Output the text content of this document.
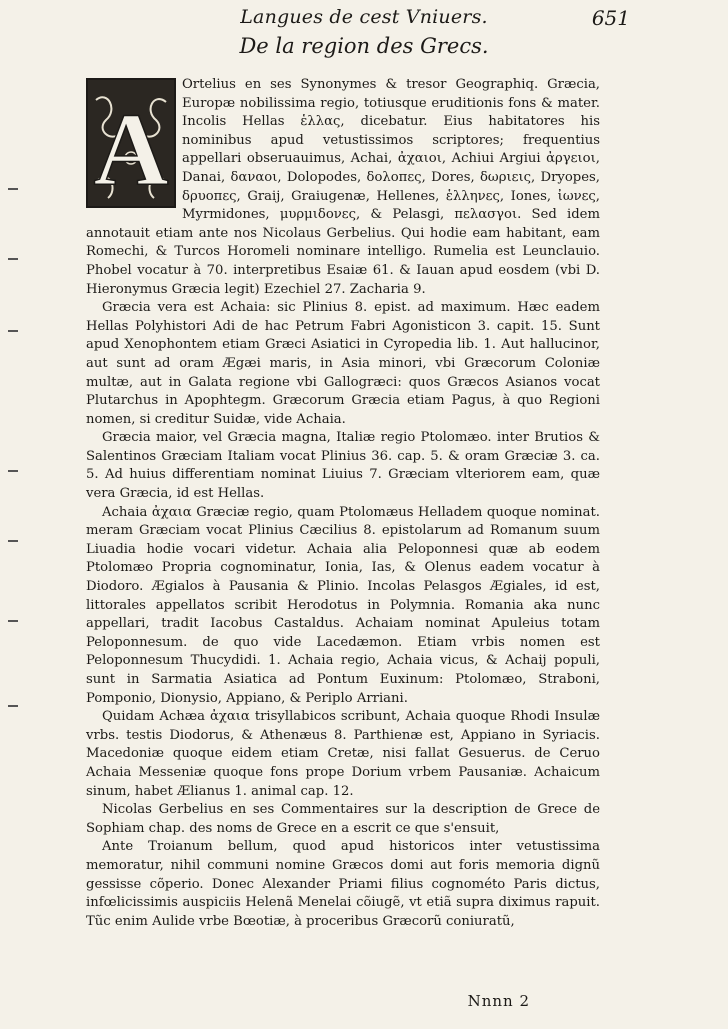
Langues de cest Vniuers.	651
De la region des Grecs.
A

Ortelius en ses Synonymes & tresor Geographiq. Græcia, Europæ nobilissima regio, totiusque eruditionis fons & mater. Incolis Hellas ἑλλας, dicebatur. Eius habitatores his nominibus apud vetustissimos scriptores; frequentius appellari obseruauimus, Achai, ἀχαιοι, Achiui Argiui ἀργειοι, Danai, δαναοι, Dolopodes, δολοπες, Dores, δωριεις, Dryopes, δρυοπες, Graij, Graiugenæ, Hellenes, ἑλληνες, Iones, ἰωνες, Myrmidones, μυρμιδονες, & Pelasgi, πελασγοι. Sed idem annotauit etiam ante nos Nicolaus Gerbelius. Qui hodie eam habitant, eam Romechi, & Turcos Horomeli nominare intelligo. Rumelia est Leunclauio. Phobel vocatur à 70. interpretibus Esaiæ 61. & Iauan apud eosdem (vbi D. Hieronymus Græcia legit) Ezechiel 27. Zacharia 9.

Græcia vera est Achaia: sic Plinius 8. epist. ad maximum. Hæc eadem Hellas Polyhistori Adi de hac Petrum Fabri Agonisticon 3. capit. 15. Sunt apud Xenophontem etiam Græci Asiatici in Cyropedia lib. 1. Aut hallucinor, aut sunt ad oram Ægæi maris, in Asia minori, vbi Græcorum Coloniæ multæ, aut in Galata regione vbi Gallogræci: quos Græcos Asianos vocat Plutarchus in Apophtegm. Græcorum Græcia etiam Pagus, à quo Regioni nomen, si creditur Suidæ, vide Achaia.

Græcia maior, vel Græcia magna, Italiæ regio Ptolomæo. inter Brutios & Salentinos Græciam Italiam vocat Plinius 36. cap. 5. & oram Græciæ 3. ca. 5. Ad huius differentiam nominat Liuius 7. Græciam vlteriorem eam, quæ vera Græcia, id est Hellas.

Achaia ἀχαια Græciæ regio, quam Ptolomæus Helladem quoque nominat. meram Græciam vocat Plinius Cæcilius 8. epistolarum ad Romanum suum Liuadia hodie vocari videtur. Achaia alia Peloponnesi quæ ab eodem Ptolomæo Propria cognominatur, Ionia, Ias, & Olenus eadem vocatur à Diodoro. Ægialos à Pausania & Plinio. Incolas Pelasgos Ægiales, id est, littorales appellatos scribit Herodotus in Polymnia. Romania aka nunc appellari, tradit Iacobus Castaldus. Achaiam nominat Apuleius totam Peloponnesum. de quo vide Lacedæmon. Etiam vrbis nomen est Peloponnesum Thucydidi. 1. Achaia regio, Achaia vicus, & Achaij populi, sunt in Sarmatia Asiatica ad Pontum Euxinum: Ptolomæo, Straboni, Pomponio, Dionysio, Appiano, & Periplo Arriani.

Quidam Achæa ἀχαια trisyllabicos scribunt, Achaia quoque Rhodi Insulæ vrbs. testis Diodorus, & Athenæus 8. Parthienæ est, Appiano in Syriacis. Macedoniæ quoque eidem etiam Cretæ, nisi fallat Gesuerus. de Ceruo Achaia Messeniæ quoque fons prope Dorium vrbem Pausaniæ. Achaicum sinum, habet Ælianus 1. animal cap. 12.

Nicolas Gerbelius en ses Commentaires sur la description de Grece de Sophiam chap. des noms de Grece en a escrit ce que s'ensuit,

Ante Troianum bellum, quod apud historicos inter vetustissima memoratur, nihil communi nomine Græcos domi aut foris memoria dignũ gessisse cõperio. Donec Alexander Priami filius cognométo Paris dictus, infœlicissimis auspiciis Helenã Menelai cõiugẽ, vt etiã supra diximus rapuit. Tũc enim Aulide vrbe Bœotiæ, à proceribus Græcorũ coniuratũ,

Nnnn 2
